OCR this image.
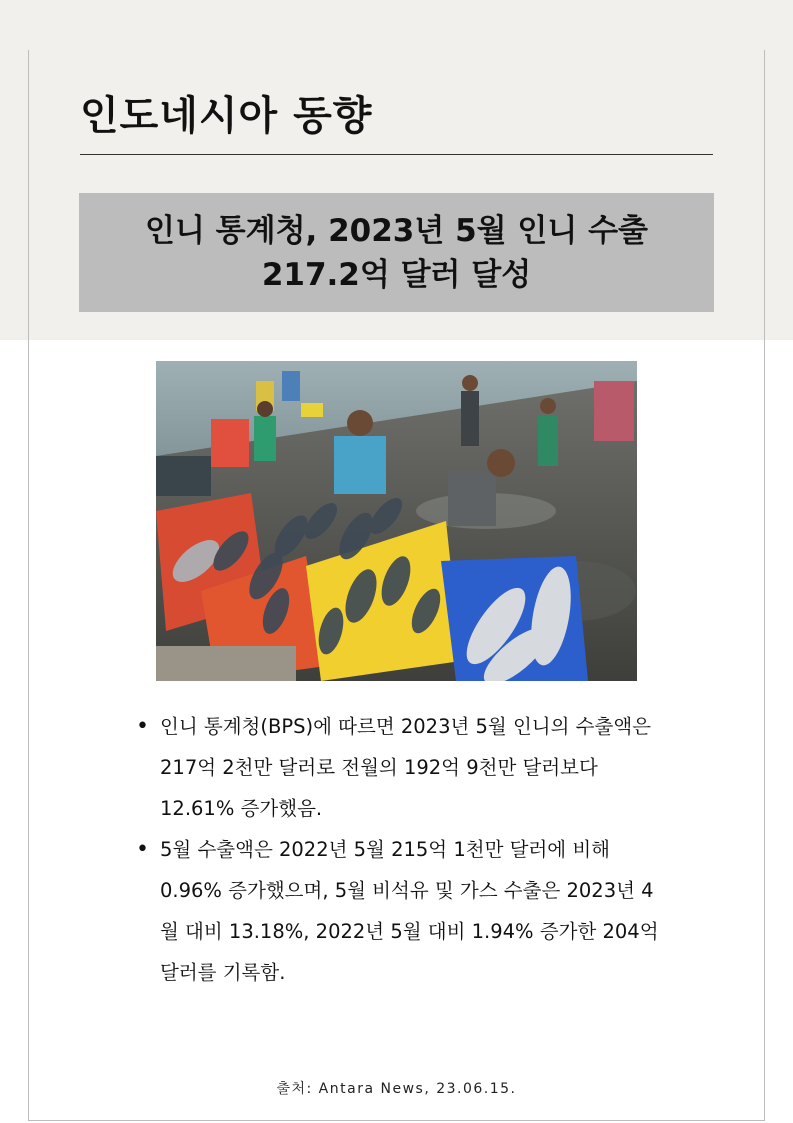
인도네시아 동향
인니 통계청, 2023년 5월 인니 수출
217.2억 달러 달성
• 인니 통계청(BPS)에 따르면 2023년 5월 인니의 수출액은 217억 2천만 달러로 전월의 192억 9천만 달러보다 12.61% 증가했음.
• 5월 수출액은 2022년 5월 215억 1천만 달러에 비해 0.96% 증가했으며, 5월 비석유 및 가스 수출은 2023년 4월 대비 13.18%, 2022년 5월 대비 1.94% 증가한 204억 달러를 기록함.
출처: Antara News, 23.06.15.
